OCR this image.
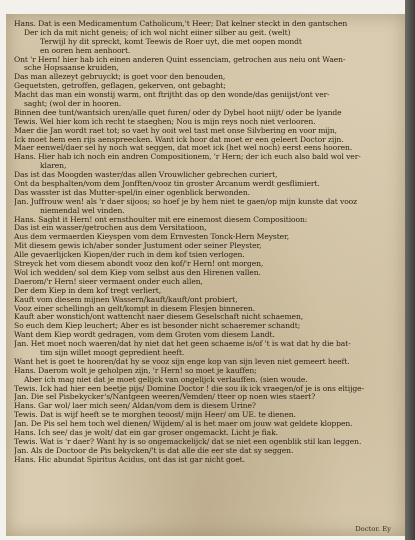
Hans. Dat is een Medicamentum Catholicum,'t Heer; Dat kelner steckt in den gantschen
Der ich da mit nicht geneis; of ich wol nicht eiiner silber au geit. (welt)
Terwijl hy dit spreckt, komt Teewis de Roer uyt, die met oopen mondt
en ooren hem aenhoort.
Ont 'r Hern! hier hab ich einen anderen Quint essenciam, getrochen aus neiu ont Waen-
sche Hopsaanse kruiden,
Das man allezeyt gebruyckt; is goet voor den benouden,
Gequetsten, getroffen, geflagen, gekerven, ont gebaght;
Macht das man ein wonstij warm, ont ftrijtht das op den wonde/das geniijst/ont ver-
saght; (wol der in hooren.
Binnen dee tunt/wantsich uren/alle quet furen/ oder dy Dybel hoot niijt/ oder be lyande
Tewis. Wel hier kom ich recht te staeghen; Nou is mijn reys noch niet verlooren.
Maer die Jan wordt raet tot; so vaet hy ooit wel tast met onse Silvbering en voor mijn,
Ick moet hem een rijs aenspreecken. Want ick hoor dat moet er een geleert Doctor zijn.
Maer eenwel/daer sel hy noch wat seggen, dat moet ick (het wel noch) eerst eens hooren.
Hans. Hier hab ich noch ein andren Compositionem, 'r Hern; der ich euch also bald wol ver-
klaren,
Das ist das Moogden waster/das allen Vrouwlicher gebrechen curiert,
Ont da besphalten/vom dem Jonfften/vooz tin groster Arcanum werdt gesflimiert.
Das wasster ist das Mutter-spel/in einer ogenblick berwonden.
Jan. Juffrouw wen! als 'r daer sijoos; so hoef je by hem niet te gaen/op mijn kunste dat vooz
niemendal wel vinden.
Hans. Saght it Hern! ont ernsthoulter mit ere einemost diesem Compositioon:
Das ist ein wasser/getrochen aus dem Versitatioon,
Aus dem vermaerden Kieyspen vom dem Ernvesten Tonck-Hern Meyster,
Mit diesem gewis ich/aber sonder Justument oder seiner Pleyster,
Alle gevaerlijcken Kiopen/der ruch in dem kof tsien verlogen.
Streyck het vom diesem abondt vooz den kof/'r Hern! ont morgen,
Wol ich wedden/ sol dem Kiep vom selbst aus den Hirenen vallen.
Daerom/'r Hern! sieer vermaent onder euch allen,
Der dem Kiep in dem kof tregt verliert,
Kauft vom diesem mijnen Wassern/kauft/kauft/ont probiert,
Vooz einer schellingh an gelt/kompt in diesem Flesjen binneren.
Kauft aber wonstich/ont wattencht naer diesem Geselschaft nicht schaemen,
So euch dem Kiep leuchert; Aber es ist besonder nicht schaeremer schandt;
Want dem Kiep wordt gedragen, vom dem Groten vom diesem Landt.
Jan. Het moet noch waeren/dat hy niet dat het geen schaeme is/of 't is wat dat hy die bat-
tim sijn willet moogt gepredient heeft.
Want het is goet te hooren/dat hy se vooz sijn enge kop van sijn leven niet gemeert heeft.
Hans. Daerom wolt je geholpen zijn, 'r Hern! so moet je kauffen;
Aber ich mag niet dat je moet gelijck van ongelijck verlauffen. (sien woude.
Tewis. Ick had hier een beetje pijs/ Domine Doctor ! die sou ik ick vraegen/of je is ons eltijge-
Jan. Die sel Pisbekycker's/Nantgeen weeren/Vemden/ tteer op noen wies staert?
Hans. Gar wol/ laer mich seen/ Aldan/vom dem is diesem Urine?
Tewis. Dat is wijf heeft se te morghen teoost/ mijn Heer/ om UE. te dienen.
Jan. De Pis sel hem toch wel dienen/ Wijdem/ al is het maer om jouw wat geldete kloppen.
Hans. Ich see/ das je wolt/ dat ein gar groser ongemackt. Licht je fiak.
Tewis. Wat is 'r daer? Want hy is so ongemackelijck/ dat se niet een ogenblik stil kan leggen.
Jan. Als de Doctoor de Pis bekycken/'t is dat alle die eer ste dat sy seggen.
Hans. Hic abundat Spiritus Acidus, ont das ist gar nicht goet.
Doctor. Ey
